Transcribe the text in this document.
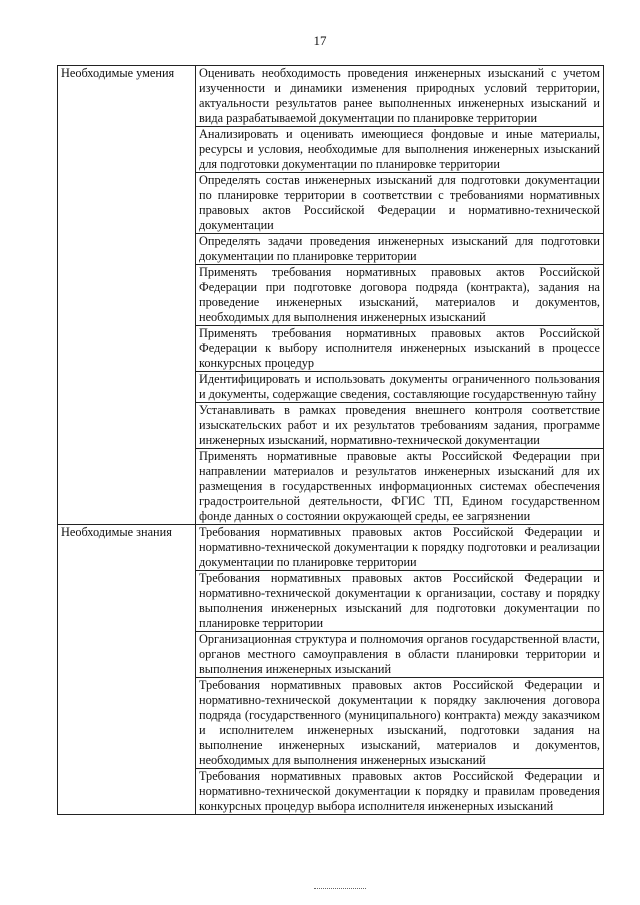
17
Необходимые умения	Оценивать необходимость проведения инженерных изысканий с учетом изученности и динамики изменения природных условий территории, актуальности результатов ранее выполненных инженерных изысканий и вида разрабатываемой документации по планировке территории
	Анализировать и оценивать имеющиеся фондовые и иные материалы, ресурсы и условия, необходимые для выполнения инженерных изысканий для подготовки документации по планировке территории
	Определять состав инженерных изысканий для подготовки документации по планировке территории в соответствии с требованиями нормативных правовых актов Российской Федерации и нормативно-технической документации
	Определять задачи проведения инженерных изысканий для подготовки документации по планировке территории
	Применять требования нормативных правовых актов Российской Федерации при подготовке договора подряда (контракта), задания на проведение инженерных изысканий, материалов и документов, необходимых для выполнения инженерных изысканий
	Применять требования нормативных правовых актов Российской Федерации к выбору исполнителя инженерных изысканий в процессе конкурсных процедур
	Идентифицировать и использовать документы ограниченного пользования и документы, содержащие сведения, составляющие государственную тайну
	Устанавливать в рамках проведения внешнего контроля соответствие изыскательских работ и их результатов требованиям задания, программе инженерных изысканий, нормативно-технической документации
	Применять нормативные правовые акты Российской Федерации при направлении материалов и результатов инженерных изысканий для их размещения в государственных информационных системах обеспечения градостроительной деятельности, ФГИС ТП, Едином государственном фонде данных о состоянии окружающей среды, ее загрязнении
Необходимые знания	Требования нормативных правовых актов Российской Федерации и нормативно-технической документации к порядку подготовки и реализации документации по планировке территории
	Требования нормативных правовых актов Российской Федерации и нормативно-технической документации к организации, составу и порядку выполнения инженерных изысканий для подготовки документации по планировке территории
	Организационная структура и полномочия органов государственной власти, органов местного самоуправления в области планировки территории и выполнения инженерных изысканий
	Требования нормативных правовых актов Российской Федерации и нормативно-технической документации к порядку заключения договора подряда (государственного (муниципального) контракта) между заказчиком и исполнителем инженерных изысканий, подготовки задания на выполнение инженерных изысканий, материалов и документов, необходимых для выполнения инженерных изысканий
	Требования нормативных правовых актов Российской Федерации и нормативно-технической документации к порядку и правилам проведения конкурсных процедур выбора исполнителя инженерных изысканий
